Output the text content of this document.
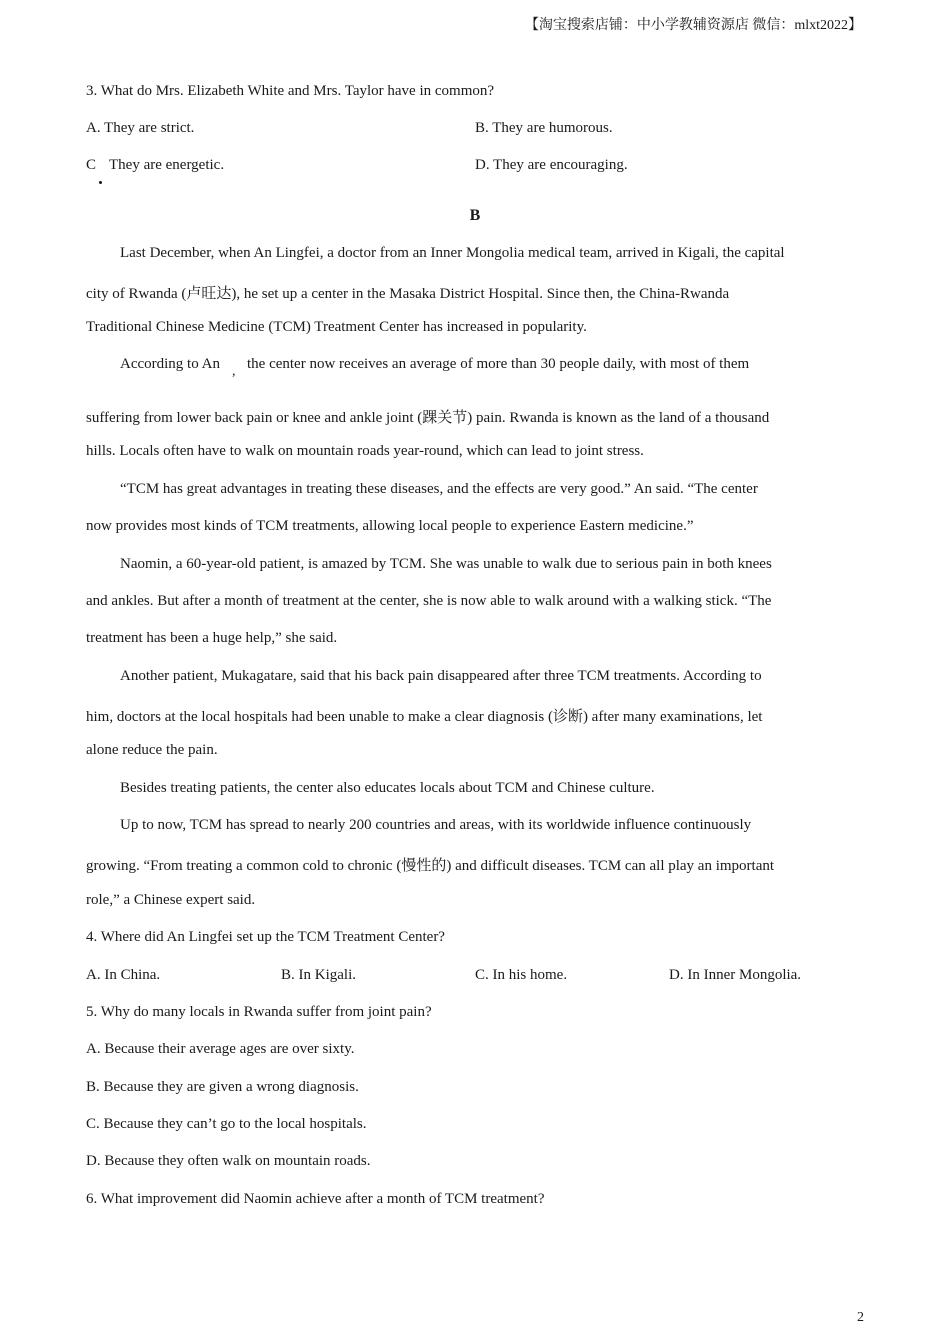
【淘宝搜索店铺：中小学教辅资源店 微信：mlxt2022】
3. What do Mrs. Elizabeth White and Mrs. Taylor have in common?
A. They are strict.	B. They are humorous.
C They are energetic.	D. They are encouraging.
B
Last December, when An Lingfei, a doctor from an Inner Mongolia medical team, arrived in Kigali, the capital
city of Rwanda (卢旺达), he set up a center in the Masaka District Hospital. Since then, the China-Rwanda
Traditional Chinese Medicine (TCM) Treatment Center has increased in popularity.
According to An , the center now receives an average of more than 30 people daily, with most of them
suffering from lower back pain or knee and ankle joint (踝关节) pain. Rwanda is known as the land of a thousand
hills. Locals often have to walk on mountain roads year-round, which can lead to joint stress.
“TCM has great advantages in treating these diseases, and the effects are very good.” An said. “The center
now provides most kinds of TCM treatments, allowing local people to experience Eastern medicine.”
Naomin, a 60-year-old patient, is amazed by TCM. She was unable to walk due to serious pain in both knees
and ankles. But after a month of treatment at the center, she is now able to walk around with a walking stick. “The
treatment has been a huge help,” she said.
Another patient, Mukagatare, said that his back pain disappeared after three TCM treatments. According to
him, doctors at the local hospitals had been unable to make a clear diagnosis (诊断) after many examinations, let
alone reduce the pain.
Besides treating patients, the center also educates locals about TCM and Chinese culture.
Up to now, TCM has spread to nearly 200 countries and areas, with its worldwide influence continuously
growing. “From treating a common cold to chronic (慢性的) and difficult diseases. TCM can all play an important
role,” a Chinese expert said.
4. Where did An Lingfei set up the TCM Treatment Center?
A. In China.	B. In Kigali.	C. In his home.	D. In Inner Mongolia.
5. Why do many locals in Rwanda suffer from joint pain?
A. Because their average ages are over sixty.
B. Because they are given a wrong diagnosis.
C. Because they can’t go to the local hospitals.
D. Because they often walk on mountain roads.
6. What improvement did Naomin achieve after a month of TCM treatment?
2
